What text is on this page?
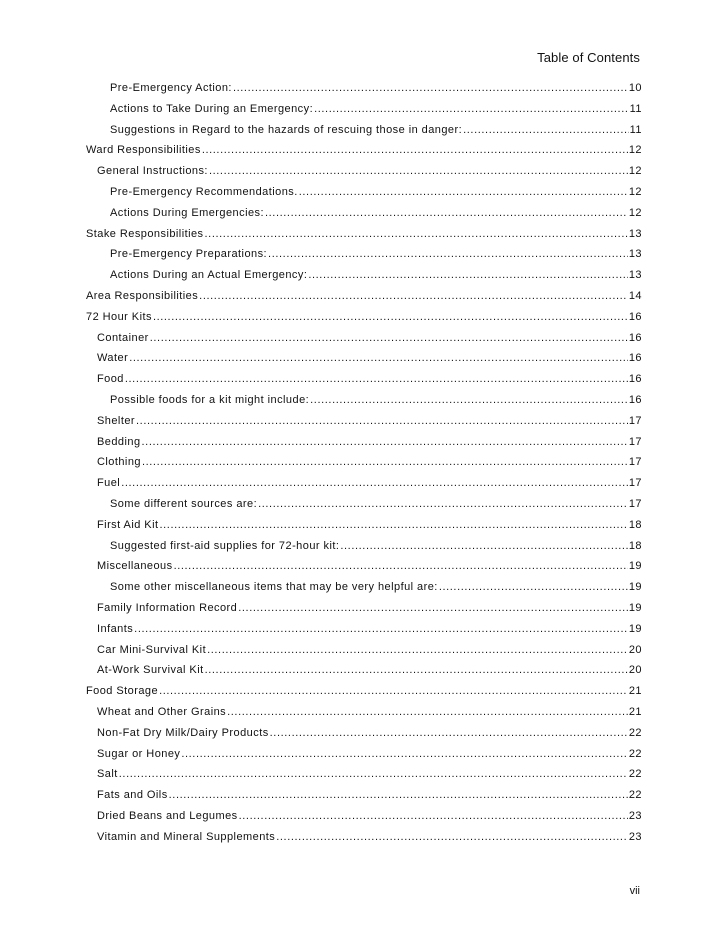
Table of Contents
Pre-Emergency Action: .....	10
Actions to Take During an Emergency: .....	11
Suggestions in Regard to the hazards of rescuing those in danger: .....	11
Ward Responsibilities .....	12
General Instructions: .....	12
Pre-Emergency Recommendations. .....	12
Actions During Emergencies: .....	12
Stake Responsibilities .....	13
Pre-Emergency Preparations: .....	13
Actions During an Actual Emergency: .....	13
Area Responsibilities .....	14
72 Hour Kits .....	16
Container .....	16
Water .....	16
Food .....	16
Possible foods for a kit might include: .....	16
Shelter .....	17
Bedding .....	17
Clothing .....	17
Fuel .....	17
Some different sources are: .....	17
First Aid Kit .....	18
Suggested first-aid supplies for 72-hour kit: .....	18
Miscellaneous .....	19
Some other miscellaneous items that may be very helpful are: .....	19
Family Information Record .....	19
Infants .....	19
Car Mini-Survival Kit .....	20
At-Work Survival Kit .....	20
Food Storage .....	21
Wheat and Other Grains .....	21
Non-Fat Dry Milk/Dairy Products .....	22
Sugar or Honey .....	22
Salt .....	22
Fats and Oils .....	22
Dried Beans and Legumes .....	23
Vitamin and Mineral Supplements .....	23
vii
